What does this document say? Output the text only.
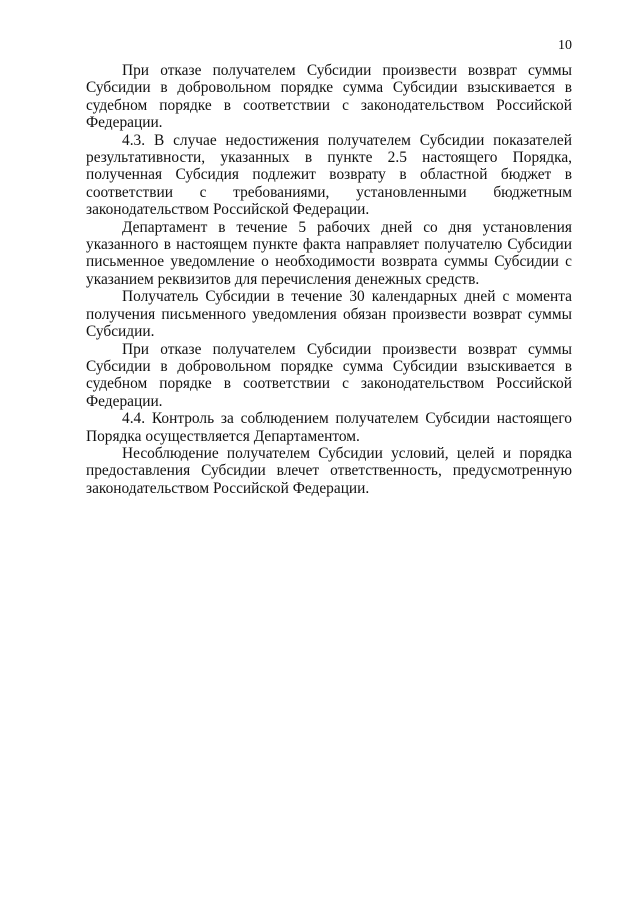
10

При отказе получателем Субсидии произвести возврат суммы Субсидии в добровольном порядке сумма Субсидии взыскивается в судебном порядке в соответствии с законодательством Российской Федерации.

4.3. В случае недостижения получателем Субсидии показателей результативности, указанных в пункте 2.5 настоящего Порядка, полученная Субсидия подлежит возврату в областной бюджет в соответствии с требованиями, установленными бюджетным законодательством Российской Федерации.

Департамент в течение 5 рабочих дней со дня установления указанного в настоящем пункте факта направляет получателю Субсидии письменное уведомление о необходимости возврата суммы Субсидии с указанием реквизитов для перечисления денежных средств.

Получатель Субсидии в течение 30 календарных дней с момента получения письменного уведомления обязан произвести возврат суммы Субсидии.

При отказе получателем Субсидии произвести возврат суммы Субсидии в добровольном порядке сумма Субсидии взыскивается в судебном порядке в соответствии с законодательством Российской Федерации.

4.4. Контроль за соблюдением получателем Субсидии настоящего Порядка осуществляется Департаментом.

Несоблюдение получателем Субсидии условий, целей и порядка предоставления Субсидии влечет ответственность, предусмотренную законодательством Российской Федерации.
